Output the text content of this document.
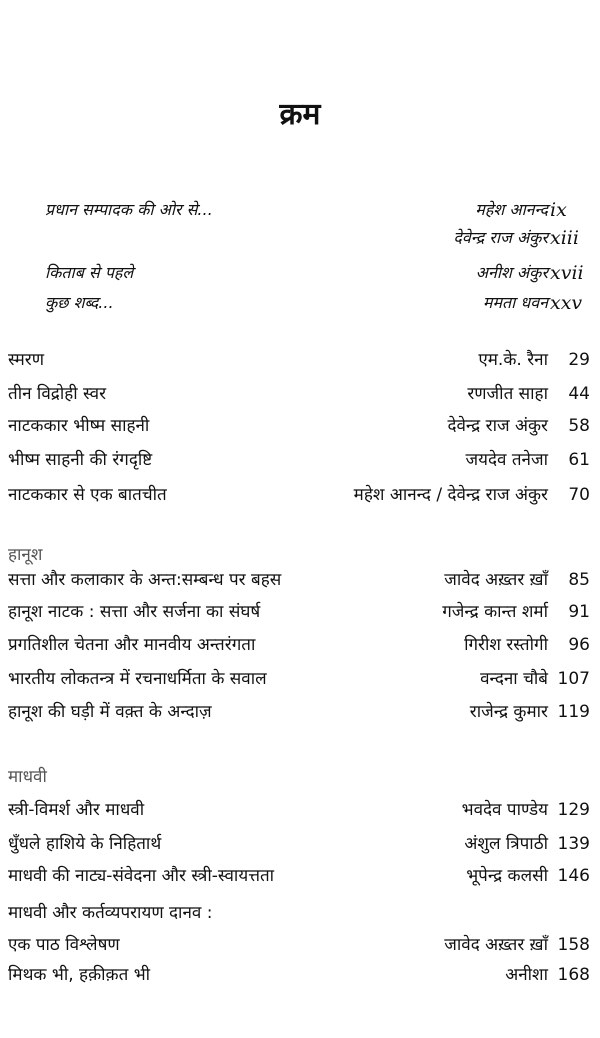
क्रम
प्रधान सम्पादक की ओर से...	महेश आनन्द ix
देवेन्द्र राज अंकुर xiii
किताब से पहले	अनीश अंकुर xvii
कुछ शब्द...	ममता धवन xxv
स्मरण	एम.के. रैना	29
तीन विद्रोही स्वर	रणजीत साहा	44
नाटककार भीष्म साहनी	देवेन्द्र राज अंकुर	58
भीष्म साहनी की रंगदृष्टि	जयदेव तनेजा	61
नाटककार से एक बातचीत	महेश आनन्द / देवेन्द्र राज अंकुर	70
हानूश
सत्ता और कलाकार के अन्त:सम्बन्ध पर बहस	जावेद अख़्तर ख़ाँ	85
हानूश नाटक : सत्ता और सर्जना का संघर्ष	गजेन्द्र कान्त शर्मा	91
प्रगतिशील चेतना और मानवीय अन्तरंगता	गिरीश रस्तोगी	96
भारतीय लोकतन्त्र में रचनाधर्मिता के सवाल	वन्दना चौबे 107
हानूश की घड़ी में वक़्त के अन्दाज़	राजेन्द्र कुमार 119
माधवी
स्त्री-विमर्श और माधवी	भवदेव पाण्डेय 129
धुँधले हाशिये के निहितार्थ	अंशुल त्रिपाठी 139
माधवी की नाट्य-संवेदना और स्त्री-स्वायत्तता	भूपेन्द्र कलसी 146
माधवी और कर्तव्यपरायण दानव :
एक पाठ विश्लेषण	जावेद अख़्तर ख़ाँ 158
मिथक भी, हक़ीक़त भी	अनीशा 168
